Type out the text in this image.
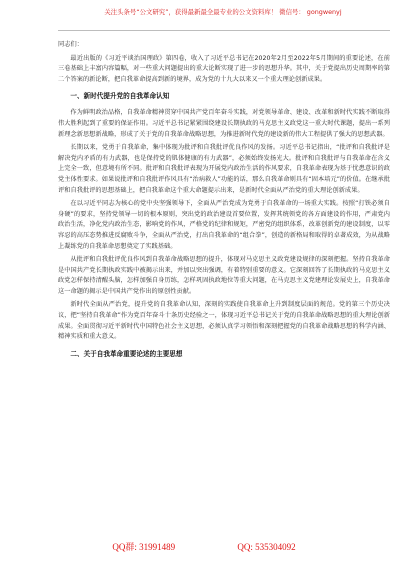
关注头条号“公文研究”，获得最新最全最专业的公文资料库！ 微信号： gongwenyj

同志们：

最近出版的《习近平谈治国理政》第四卷，收入了习近平总书记在2020年2月至2022年5月期间的重要论述，在前三卷基础上丰富内容篇幅，对一些重大问题提出的重大论断实现了进一步的思想升华。其中，关于党提出历史周期率的第二个答案的新论断，把自我革命提高到新的境界，成为党的十九大以来又一个重大理论创新成果。

一、新时代提升党的自我革命认知

作为鲜明政治品格，自我革命精神贯穿中国共产党百年奋斗实践，对党领导革命、建设、改革和新时代实践不断取得伟大胜利起到了重要的保证作用。习近平总书记紧紧围绕建设长期执政的马克思主义政党这一重大时代课题，提出一系列新理念新思想新战略，形成了关于党的自我革命战略思想，为推进新时代党的建设新的伟大工程提供了强大的思想武器。

长期以来，党勇于自我革命，集中体现为批评和自我批评优良作风的发扬。习近平总书记指出，“批评和自我批评是解决党内矛盾的有力武器，也是保持党的肌体健康的有力武器”，必须始终发扬光大。批评和自我批评与自我革命在含义上完全一致，但意境有所不同。批评和自我批评表现为开展党内政治生活的作风要求，自我革命表现为基于忧患意识的政党主体性要求。如果说批评和自我批评作风具有“治病救人”功能的话，那么自我革命则具有“固本培元”的价值。在继承批评和自我批评的思想基础上，把自我革命这个重大命题提示出来，是新时代全面从严治党的重大理论创新成果。

在以习近平同志为核心的党中央坚强领导下，全面从严治党成为党勇于自我革命的一场重大实践。按照“打铁必须自身硬”的要求，坚持党领导一切的根本原则，突出党的政治建设首要位置，发挥其统领党的各方面建设的作用，严肃党内政治生活，净化党内政治生态，影响党的作风，严格党的纪律和规矩，严密党的组织体系，改革创新党的建设制度，以零容忍的高压态势推进反腐败斗争，全面从严治党，打出自我革命的“组合拳”，创造的新格局和取得的卓著成效，为从战略上凝练党的自我革命思想奠定了实践基础。

从批评和自我批评优良作风到自我革命战略思想的提升，体现对马克思主义政党建设规律的深刻把握。坚持自我革命是中国共产党长期执政实践中被揭示出来，并加以突出强调，有着特别重要的意义。它深刻回答了长期执政的马克思主义政党怎样保持清醒头脑，怎样加强自身历练，怎样巩固执政地位等重大问题，在马克思主义党建理论发展史上，自我革命这一命题的揭示是中国共产党作出的原创性贡献。

新时代全面从严治党，提升党的自我革命认知，深刻的实践使自我革命上升到制度层面的规范。党的第三个历史决议，把“坚持自我革命”作为党百年奋斗十条历史经验之一，体现习近平总书记关于党的自我革命战略思想的重大理论创新成果。全面贯彻习近平新时代中国特色社会主义思想，必须认真学习领悟和深刻把握党的自我革命战略思想的科学内涵、精神实质和重大意义。

二、关于自我革命重要论述的主要思想

QQ群: 31991489	QQ: 535304092
